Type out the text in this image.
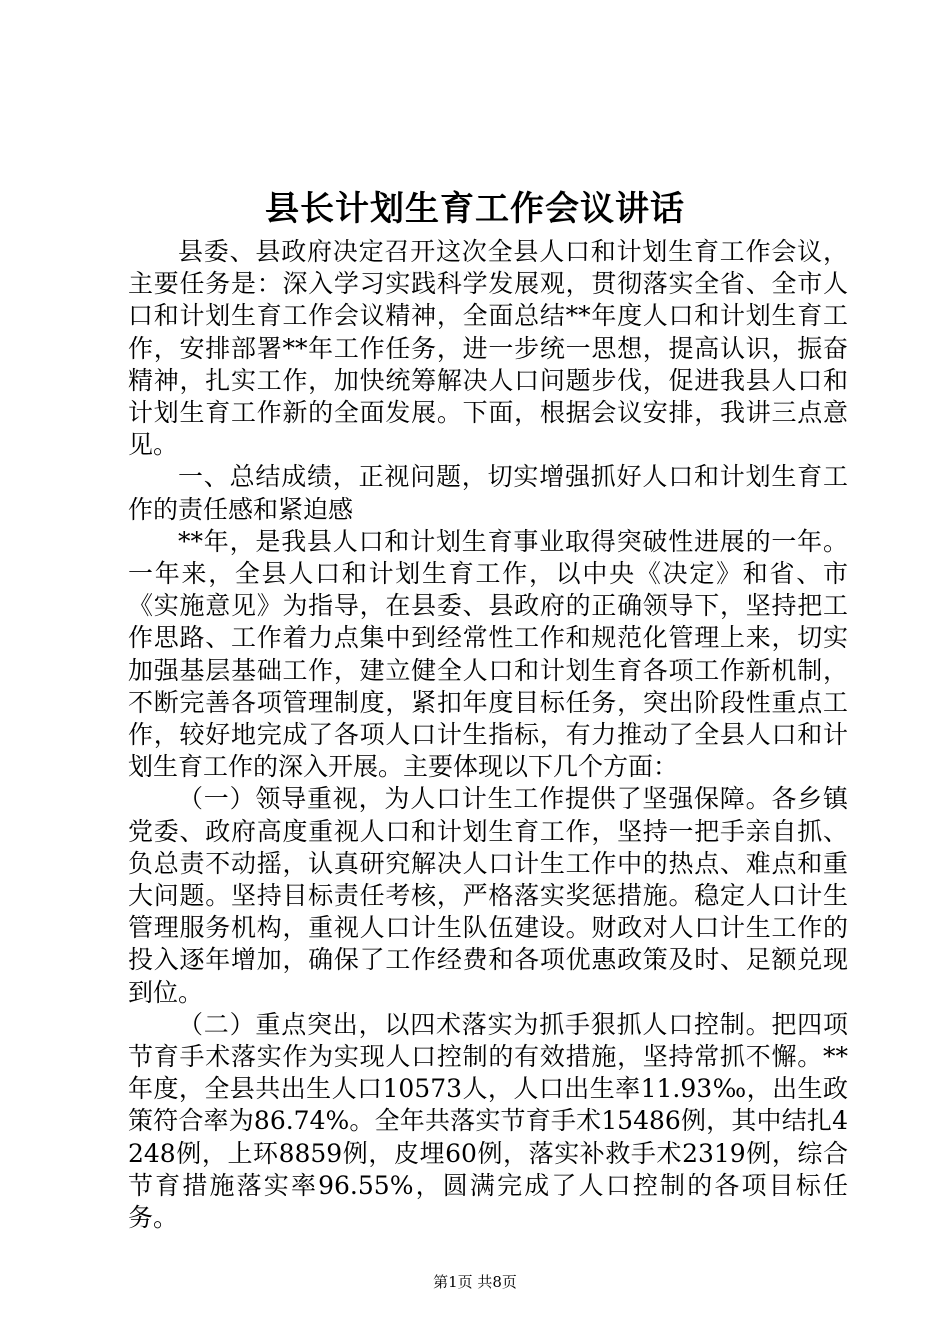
县长计划生育工作会议讲话

县委、县政府决定召开这次全县人口和计划生育工作会议，主要任务是：深入学习实践科学发展观，贯彻落实全省、全市人口和计划生育工作会议精神，全面总结**年度人口和计划生育工作，安排部署**年工作任务，进一步统一思想，提高认识，振奋精神，扎实工作，加快统筹解决人口问题步伐，促进我县人口和计划生育工作新的全面发展。下面，根据会议安排，我讲三点意见。

一、总结成绩，正视问题，切实增强抓好人口和计划生育工作的责任感和紧迫感

**年，是我县人口和计划生育事业取得突破性进展的一年。一年来，全县人口和计划生育工作，以中央《决定》和省、市《实施意见》为指导，在县委、县政府的正确领导下，坚持把工作思路、工作着力点集中到经常性工作和规范化管理上来，切实加强基层基础工作，建立健全人口和计划生育各项工作新机制，不断完善各项管理制度，紧扣年度目标任务，突出阶段性重点工作，较好地完成了各项人口计生指标，有力推动了全县人口和计划生育工作的深入开展。主要体现以下几个方面：

（一）领导重视，为人口计生工作提供了坚强保障。各乡镇党委、政府高度重视人口和计划生育工作，坚持一把手亲自抓、负总责不动摇，认真研究解决人口计生工作中的热点、难点和重大问题。坚持目标责任考核，严格落实奖惩措施。稳定人口计生管理服务机构，重视人口计生队伍建设。财政对人口计生工作的投入逐年增加，确保了工作经费和各项优惠政策及时、足额兑现到位。

（二）重点突出，以四术落实为抓手狠抓人口控制。把四项节育手术落实作为实现人口控制的有效措施，坚持常抓不懈。**年度，全县共出生人口10573人，人口出生率11.93‰，出生政策符合率为86.74%。全年共落实节育手术15486例，其中结扎4248例，上环8859例，皮埋60例，落实补救手术2319例，综合节育措施落实率96.55%，圆满完成了人口控制的各项目标任务。

第1页 共8页
